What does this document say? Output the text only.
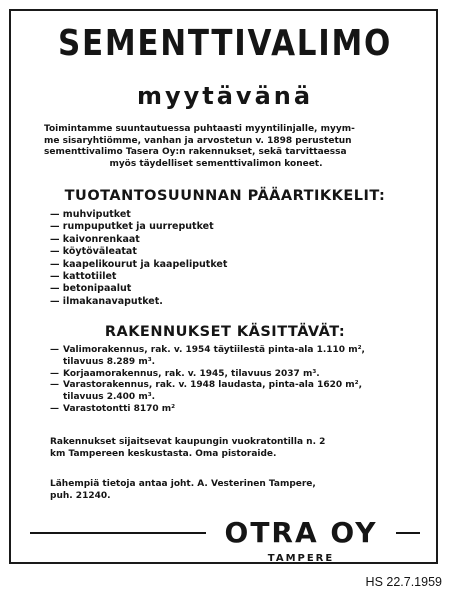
SEMENTTIVALIMO
myytävänä
Toimintamme suuntautuessa puhtaasti myyntilinjalle, myym-
me sisaryhtiömme, vanhan ja arvostetun v. 1898 perustetun
sementtivalimo Tasera Oy:n rakennukset, sekä tarvittaessa
myös täydelliset sementtivalimon koneet.
TUOTANTOSUUNNAN PÄÄARTIKKELIT:
— muhviputket
— rumpuputket ja uurreputket
— kaivonrenkaat
— köytöväleatat
— kaapelikourut ja kaapeliputket
— kattotiilet
— betonipaalut
— ilmakanavaputket.
RAKENNUKSET KÄSITTÄVÄT:
— Valimorakennus, rak. v. 1954 täytiilestä pinta-ala 1.110 m², tilavuus 8.289 m³.
— Korjaamorakennus, rak. v. 1945, tilavuus 2037 m³.
— Varastorakennus, rak. v. 1948 laudasta, pinta-ala 1620 m², tilavuus 2.400 m³.
— Varastotontti 8170 m²
Rakennukset sijaitsevat kaupungin vuokratontilla n. 2
km Tampereen keskustasta. Oma pistoraide.
Lähempiä tietoja antaa joht. A. Vesterinen Tampere,
puh. 21240.
OTRA OY
TAMPERE
HS 22.7.1959
